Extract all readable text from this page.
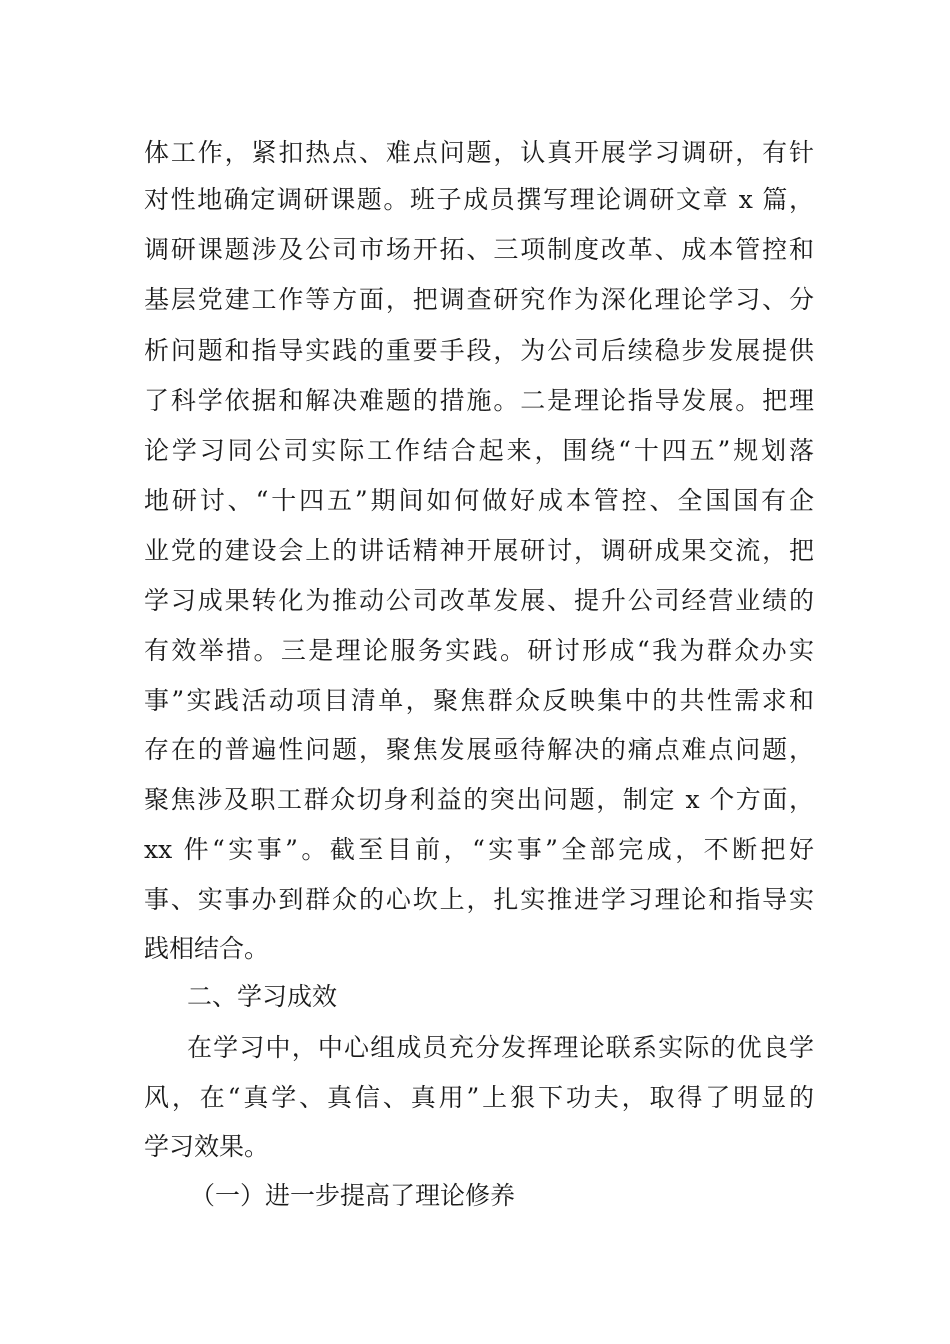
体工作，紧扣热点、难点问题，认真开展学习调研，有针
对性地确定调研课题。班子成员撰写理论调研文章 x 篇，
调研课题涉及公司市场开拓、三项制度改革、成本管控和
基层党建工作等方面，把调查研究作为深化理论学习、分
析问题和指导实践的重要手段，为公司后续稳步发展提供
了科学依据和解决难题的措施。二是理论指导发展。把理
论学习同公司实际工作结合起来，围绕“十四五”规划落
地研讨、“十四五”期间如何做好成本管控、全国国有企
业党的建设会上的讲话精神开展研讨，调研成果交流，把
学习成果转化为推动公司改革发展、提升公司经营业绩的
有效举措。三是理论服务实践。研讨形成“我为群众办实
事”实践活动项目清单，聚焦群众反映集中的共性需求和
存在的普遍性问题，聚焦发展亟待解决的痛点难点问题，
聚焦涉及职工群众切身利益的突出问题，制定 x 个方面，
xx 件“实事”。截至目前，“实事”全部完成，不断把好
事、实事办到群众的心坎上，扎实推进学习理论和指导实
践相结合。
二、学习成效
在学习中，中心组成员充分发挥理论联系实际的优良学
风，在“真学、真信、真用”上狠下功夫，取得了明显的
学习效果。
（一）进一步提高了理论修养
